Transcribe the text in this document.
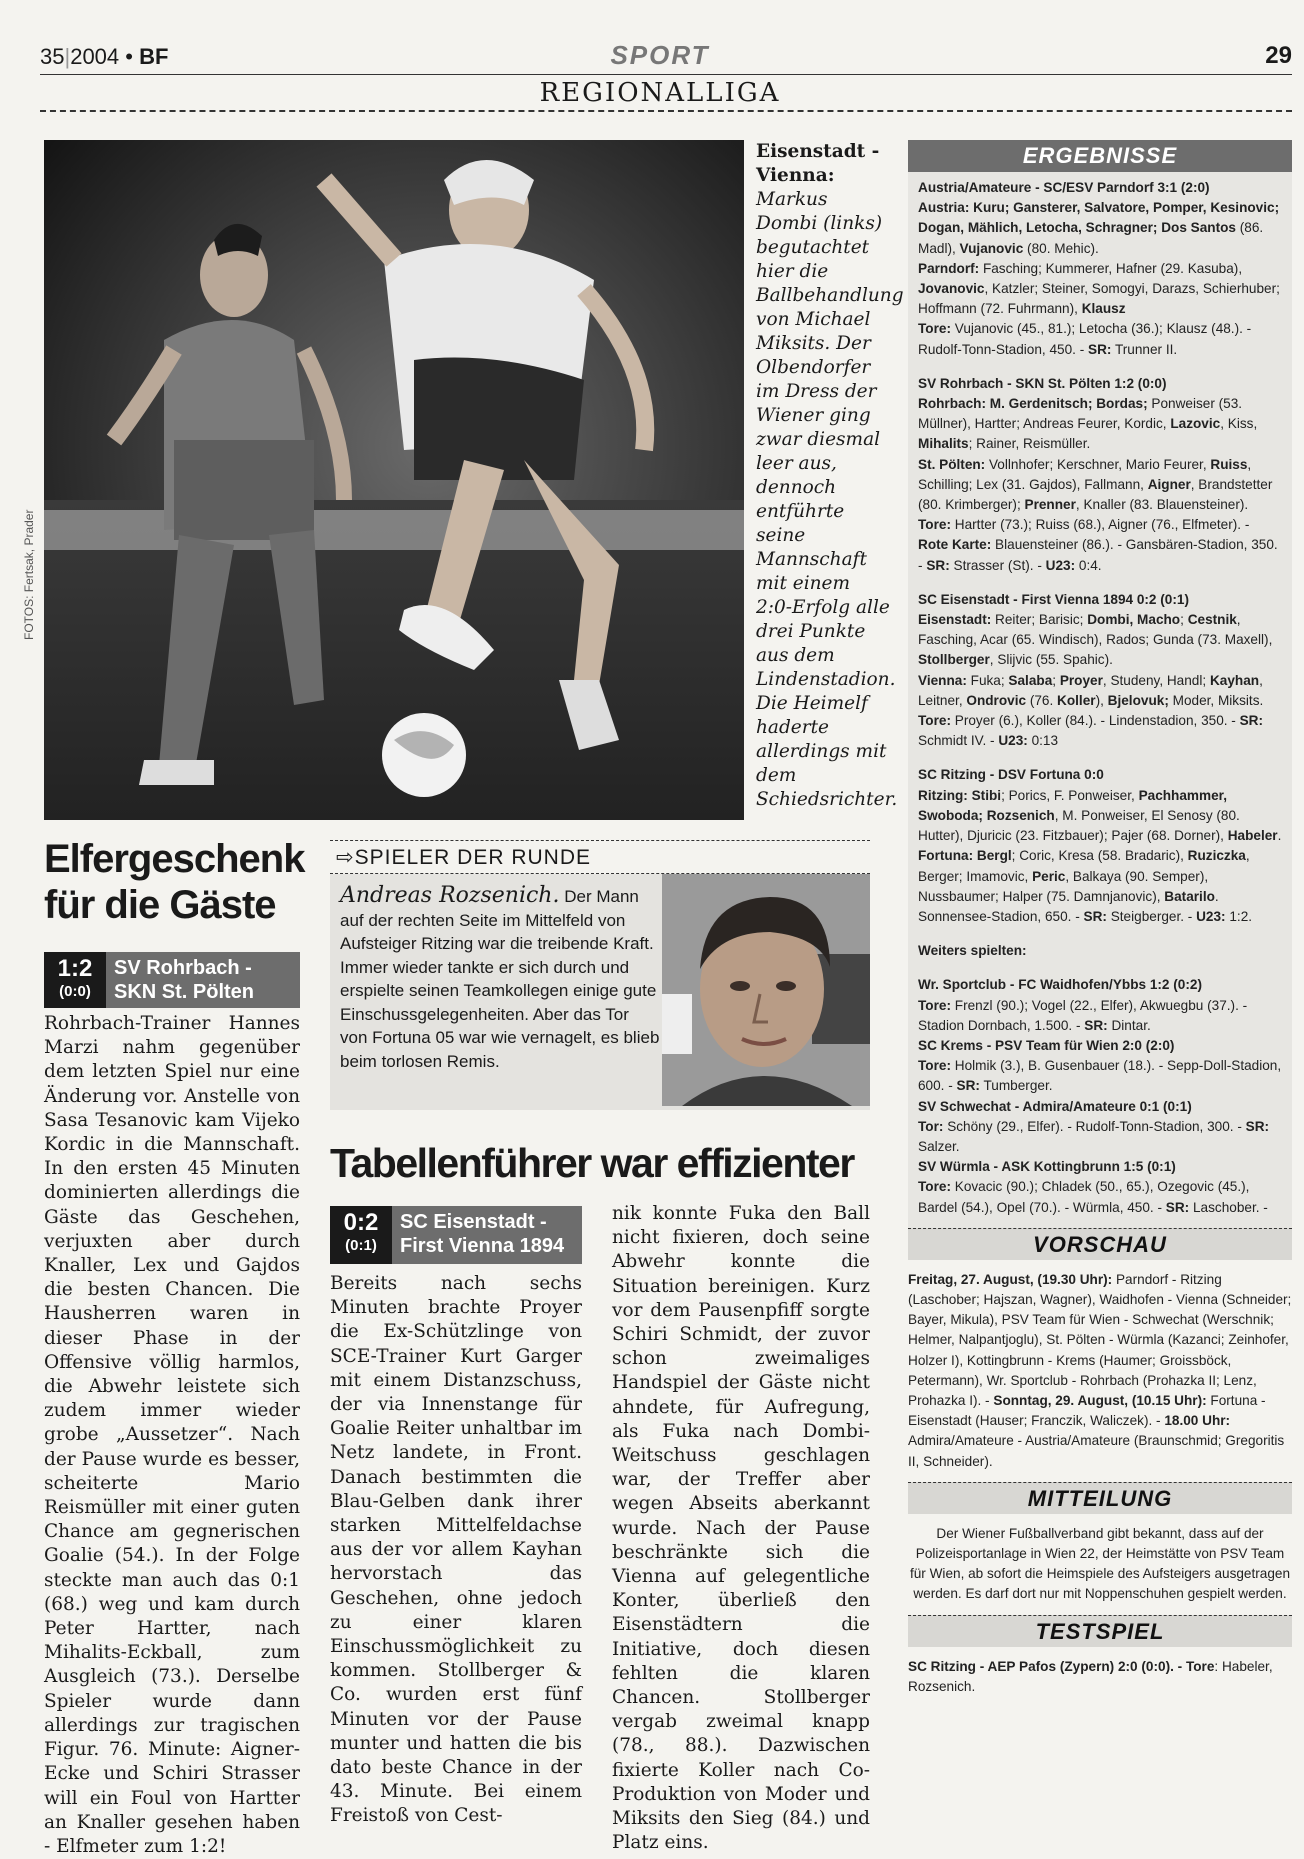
35|2004 • BF	SPORT	29
REGIONALLIGA
FOTOS: Fertsak, Prader
Eisenstadt - Vienna: Markus Dombi (links) begutachtet hier die Ballbehandlung von Michael Miksits. Der Olbendorfer im Dress der Wiener ging zwar diesmal leer aus, dennoch entführte seine Mannschaft mit einem 2:0-Erfolg alle drei Punkte aus dem Lindenstadion. Die Heimelf haderte allerdings mit dem Schiedsrichter.
Elfergeschenk für die Gäste
1:2
(0:0)
SV Rohrbach - SKN St. Pölten
Rohrbach-Trainer Hannes Marzi nahm gegenüber dem letzten Spiel nur eine Änderung vor. Anstelle von Sasa Tesanovic kam Vijeko Kordic in die Mannschaft. In den ersten 45 Minuten dominierten allerdings die Gäste das Geschehen, verjuxten aber durch Knaller, Lex und Gajdos die besten Chancen. Die Hausherren waren in dieser Phase in der Offensive völlig harmlos, die Abwehr leistete sich zudem immer wieder grobe „Aussetzer“. Nach der Pause wurde es besser, scheiterte Mario Reismüller mit einer guten Chance am gegnerischen Goalie (54.). In der Folge steckte man auch das 0:1 (68.) weg und kam durch Peter Hartter, nach Mihalits-Eckball, zum Ausgleich (73.). Derselbe Spieler wurde dann allerdings zur tragischen Figur. 76. Minute: Aigner-Ecke und Schiri Strasser will ein Foul von Hartter an Knaller gesehen haben - Elfmeter zum 1:2!
⇨SPIELER DER RUNDE
Andreas Rozsenich. Der Mann auf der rechten Seite im Mittelfeld von Aufsteiger Ritzing war die treibende Kraft. Immer wieder tankte er sich durch und erspielte seinen Teamkollegen einige gute Einschussgelegenheiten. Aber das Tor von Fortuna 05 war wie vernagelt, es blieb beim torlosen Remis.
Tabellenführer war effizienter
0:2
(0:1)
SC Eisenstadt - First Vienna 1894
Bereits nach sechs Minuten brachte Proyer die Ex-Schützlinge von SCE-Trainer Kurt Garger mit einem Distanzschuss, der via Innenstange für Goalie Reiter unhaltbar im Netz landete, in Front. Danach bestimmten die Blau-Gelben dank ihrer starken Mittelfeldachse aus der vor allem Kayhan hervorstach das Geschehen, ohne jedoch zu einer klaren Einschussmöglichkeit zu kommen. Stollberger & Co. wurden erst fünf Minuten vor der Pause munter und hatten die bis dato beste Chance in der 43. Minute. Bei einem Freistoß von Cest-
nik konnte Fuka den Ball nicht fixieren, doch seine Abwehr konnte die Situation bereinigen. Kurz vor dem Pausenpfiff sorgte Schiri Schmidt, der zuvor schon zweimaliges Handspiel der Gäste nicht ahndete, für Aufregung, als Fuka nach Dombi-Weitschuss geschlagen war, der Treffer aber wegen Abseits aberkannt wurde. Nach der Pause beschränkte sich die Vienna auf gelegentliche Konter, überließ den Eisenstädtern die Initiative, doch diesen fehlten die klaren Chancen. Stollberger vergab zweimal knapp (78., 88.). Dazwischen fixierte Koller nach Co-Produktion von Moder und Miksits den Sieg (84.) und Platz eins.
ERGEBNISSE

Austria/Amateure - SC/ESV Parndorf 3:1 (2:0)

Austria: Kuru; Gansterer, Salvatore, Pomper, Kesinovic; Dogan, Mählich, Letocha, Schragner; Dos Santos (86. Madl), Vujanovic (80. Mehic).

Parndorf: Fasching; Kummerer, Hafner (29. Kasuba), Jovanovic, Katzler; Steiner, Somogyi, Darazs, Schierhuber; Hoffmann (72. Fuhrmann), Klausz

Tore: Vujanovic (45., 81.); Letocha (36.); Klausz (48.). - Rudolf-Tonn-Stadion, 450. - SR: Trunner II.

SV Rohrbach - SKN St. Pölten 1:2 (0:0)

Rohrbach: M. Gerdenitsch; Bordas; Ponweiser (53. Müllner), Hartter; Andreas Feurer, Kordic, Lazovic, Kiss, Mihalits; Rainer, Reismüller.

St. Pölten: Vollnhofer; Kerschner, Mario Feurer, Ruiss, Schilling; Lex (31. Gajdos), Fallmann, Aigner, Brandstetter (80. Krimberger); Prenner, Knaller (83. Blauensteiner).

Tore: Hartter (73.); Ruiss (68.), Aigner (76., Elfmeter). - Rote Karte: Blauensteiner (86.). - Gansbären-Stadion, 350. - SR: Strasser (St). - U23: 0:4.

SC Eisenstadt - First Vienna 1894 0:2 (0:1)

Eisenstadt: Reiter; Barisic; Dombi, Macho; Cestnik, Fasching, Acar (65. Windisch), Rados; Gunda (73. Maxell), Stollberger, Slijvic (55. Spahic).

Vienna: Fuka; Salaba; Proyer, Studeny, Handl; Kayhan, Leitner, Ondrovic (76. Koller), Bjelovuk; Moder, Miksits.

Tore: Proyer (6.), Koller (84.). - Lindenstadion, 350. - SR: Schmidt IV. - U23: 0:13

SC Ritzing - DSV Fortuna 0:0

Ritzing: Stibi; Porics, F. Ponweiser, Pachhammer, Swoboda; Rozsenich, M. Ponweiser, El Senosy (80. Hutter), Djuricic (23. Fitzbauer); Pajer (68. Dorner), Habeler.

Fortuna: Bergl; Coric, Kresa (58. Bradaric), Ruziczka, Berger; Imamovic, Peric, Balkaya (90. Semper), Nussbaumer; Halper (75. Damnjanovic), Batarilo.

Sonnensee-Stadion, 650. - SR: Steigberger. - U23: 1:2.

Weiters spielten:

Wr. Sportclub - FC Waidhofen/Ybbs 1:2 (0:2)

Tore: Frenzl (90.); Vogel (22., Elfer), Akwuegbu (37.). - Stadion Dornbach, 1.500. - SR: Dintar.

SC Krems - PSV Team für Wien 2:0 (2:0)

Tore: Holmik (3.), B. Gusenbauer (18.). - Sepp-Doll-Stadion, 600. - SR: Tumberger.

SV Schwechat - Admira/Amateure 0:1 (0:1)

Tor: Schöny (29., Elfer). - Rudolf-Tonn-Stadion, 300. - SR: Salzer.

SV Würmla - ASK Kottingbrunn 1:5 (0:1)

Tore: Kovacic (90.); Chladek (50., 65.), Ozegovic (45.), Bardel (54.), Opel (70.). - Würmla, 450. - SR: Laschober. -

VORSCHAU

Freitag, 27. August, (19.30 Uhr): Parndorf - Ritzing (Laschober; Hajszan, Wagner), Waidhofen - Vienna (Schneider; Bayer, Mikula), PSV Team für Wien - Schwechat (Werschnik; Helmer, Nalpantjoglu), St. Pölten - Würmla (Kazanci; Zeinhofer, Holzer I), Kottingbrunn - Krems (Haumer; Groissböck, Petermann), Wr. Sportclub - Rohrbach (Prohazka II; Lenz, Prohazka I). - Sonntag, 29. August, (10.15 Uhr): Fortuna - Eisenstadt (Hauser; Franczik, Waliczek). - 18.00 Uhr: Admira/Amateure - Austria/Amateure (Braunschmid; Gregoritis II, Schneider).

MITTEILUNG

Der Wiener Fußballverband gibt bekannt, dass auf der Polizeisportanlage in Wien 22, der Heimstätte von PSV Team für Wien, ab sofort die Heimspiele des Aufsteigers ausgetragen werden. Es darf dort nur mit Noppenschuhen gespielt werden.

TESTSPIEL

SC Ritzing - AEP Pafos (Zypern) 2:0 (0:0). - Tore: Habeler, Rozsenich.
